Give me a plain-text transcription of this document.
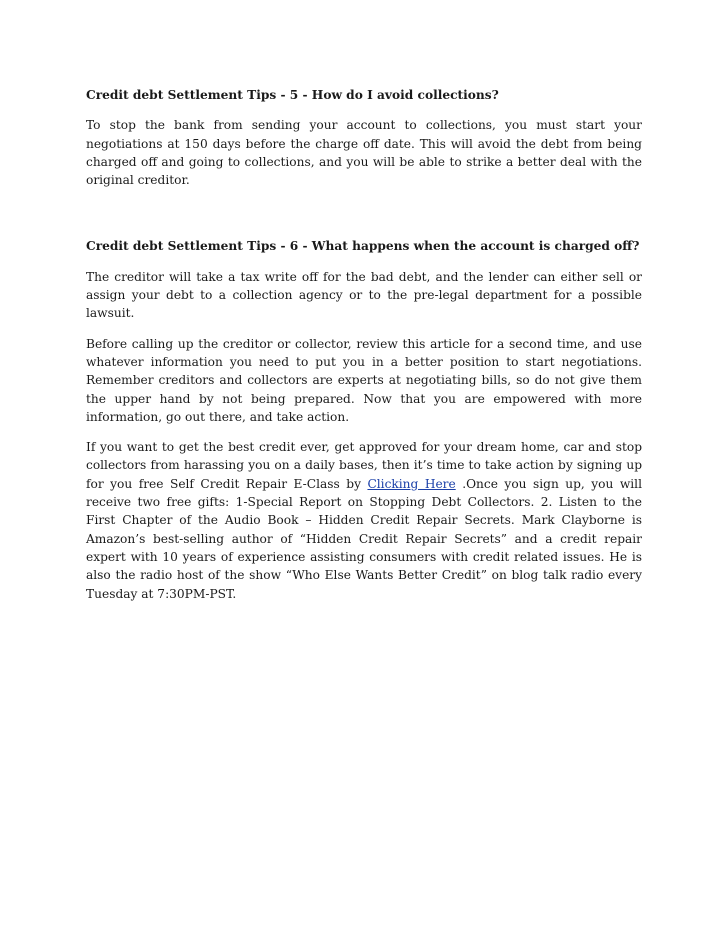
Credit debt Settlement Tips - 5 - How do I avoid collections?

To stop the bank from sending your account to collections, you must start your negotiations at 150 days before the charge off date. This will avoid the debt from being charged off and going to collections, and you will be able to strike a better deal with the original creditor.

Credit debt Settlement Tips - 6 - What happens when the account is charged off?

The creditor will take a tax write off for the bad debt, and the lender can either sell or assign your debt to a collection agency or to the pre-legal department for a possible lawsuit.

Before calling up the creditor or collector, review this article for a second time, and use whatever information you need to put you in a better position to start negotiations. Remember creditors and collectors are experts at negotiating bills, so do not give them the upper hand by not being prepared. Now that you are empowered with more information, go out there, and take action.

If you want to get the best credit ever, get approved for your dream home, car and stop collectors from harassing you on a daily bases, then it’s time to take action by signing up for you free Self Credit Repair E-Class by Clicking Here .Once you sign up, you will receive two free gifts: 1-Special Report on Stopping Debt Collectors. 2. Listen to the First Chapter of the Audio Book – Hidden Credit Repair Secrets. Mark Clayborne is Amazon’s best-selling author of “Hidden Credit Repair Secrets” and a credit repair expert with 10 years of experience assisting consumers with credit related issues. He is also the radio host of the show “Who Else Wants Better Credit” on blog talk radio every Tuesday at 7:30PM-PST.
